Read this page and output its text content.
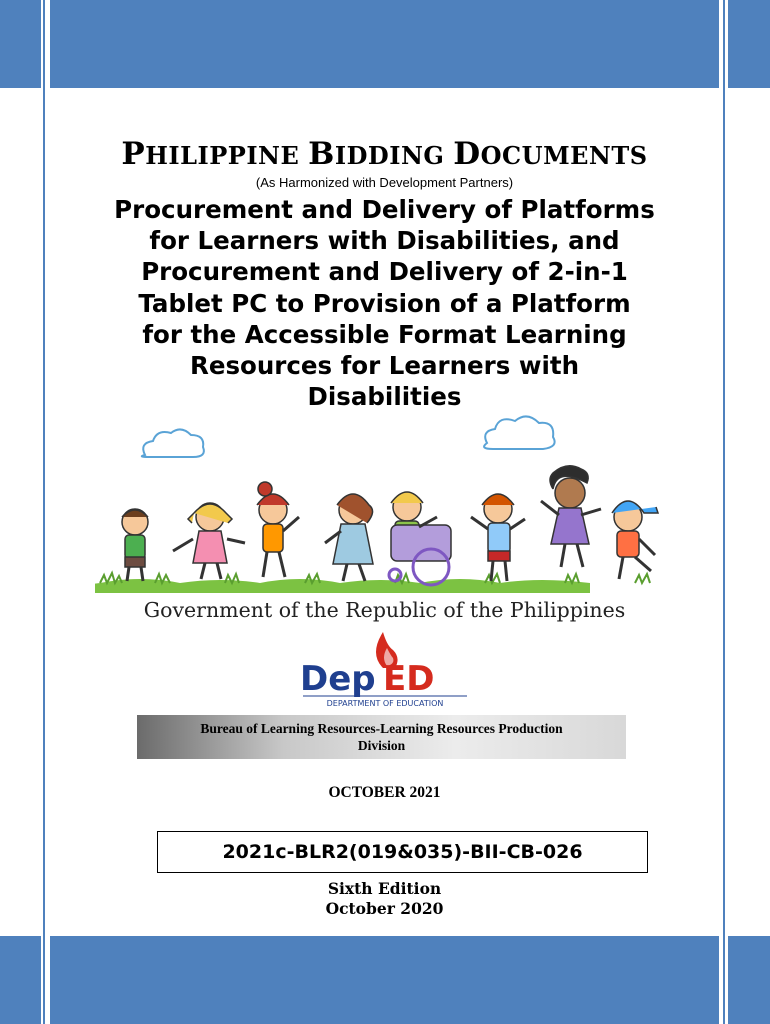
PHILIPPINE BIDDING DOCUMENTS
(As Harmonized with Development Partners)
Procurement and Delivery of Platforms
for Learners with Disabilities, and
Procurement and Delivery of 2-in-1
Tablet PC to Provision of a Platform
for the Accessible Format Learning
Resources for Learners with
Disabilities
Government of the Republic of the Philippines
Dep ED
DEPARTMENT OF EDUCATION
Bureau of Learning Resources-Learning Resources Production
Division
OCTOBER 2021
2021c-BLR2(019&035)-BII-CB-026
Sixth Edition
October 2020
